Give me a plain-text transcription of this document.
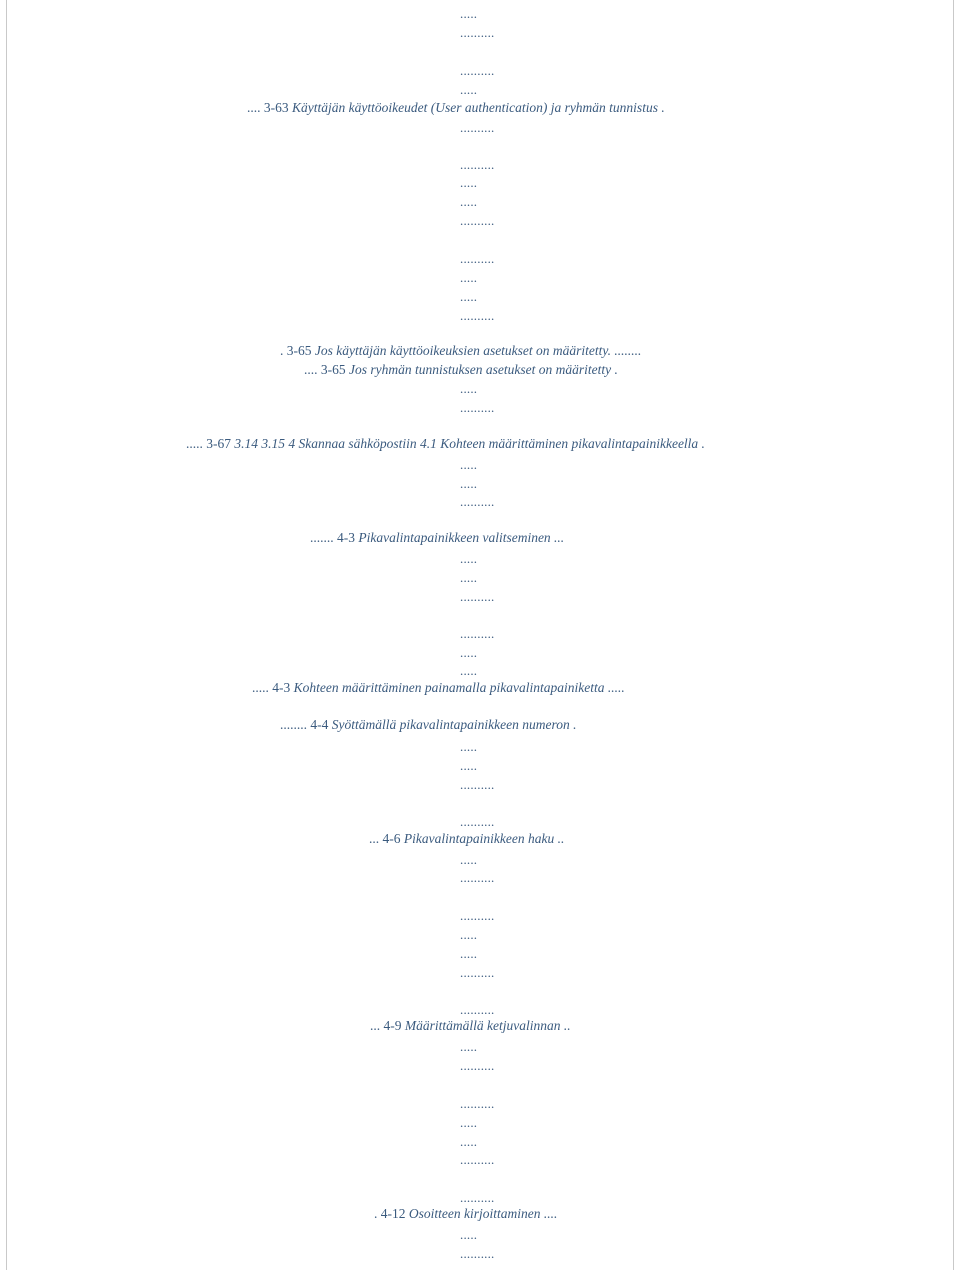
.....
..........
..........
.....
.... 3-63 Käyttäjän käyttöoikeudet (User authentication) ja ryhmän tunnistus .
..........
..........
.....
.....
..........
..........
.....
.....
..........
. 3-65 Jos käyttäjän käyttöoikeuksien asetukset on määritetty. ........
.... 3-65 Jos ryhmän tunnistuksen asetukset on määritetty .
.....
..........
..... 3-67 3.14 3.15 4 Skannaa sähköpostiin 4.1 Kohteen määrittäminen pikavalintapainikkeella .
.....
.....
..........
....... 4-3 Pikavalintapainikkeen valitseminen ...
.....
.....
..........
..........
.....
.....
..... 4-3 Kohteen määrittäminen painamalla pikavalintapainiketta .....
........ 4-4 Syöttämällä pikavalintapainikkeen numeron .
.....
.....
..........
..........
... 4-6 Pikavalintapainikkeen haku ..
.....
..........
..........
.....
.....
..........
..........
... 4-9 Määrittämällä ketjuvalinnan ..
.....
..........
..........
.....
.....
..........
..........
. 4-12 Osoitteen kirjoittaminen ....
.....
..........
